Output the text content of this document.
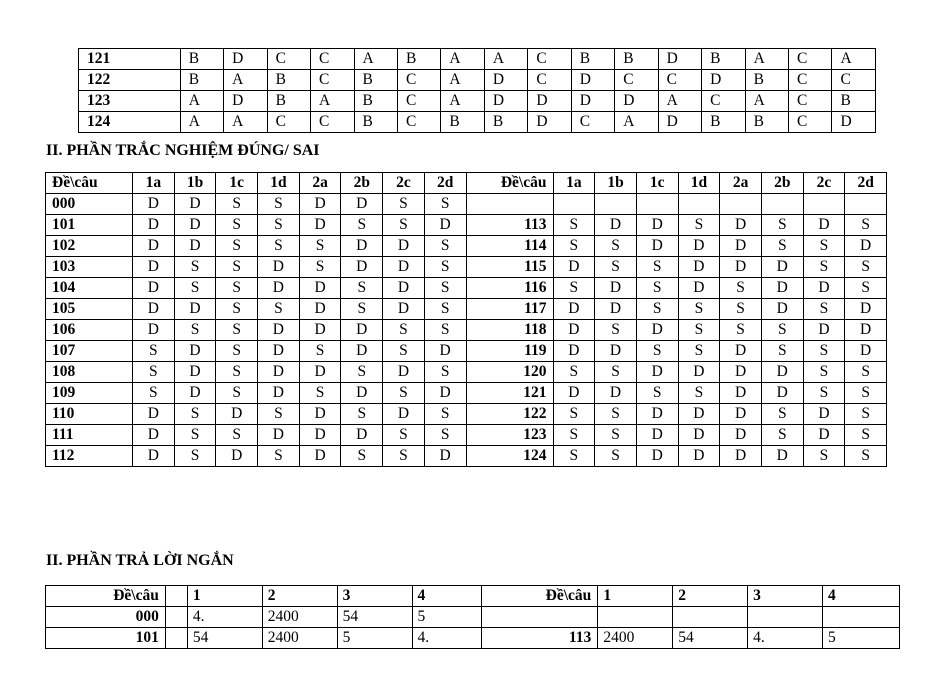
121	B	D	C	C	A	B	A	A	C	B	B	D	B	A	C	A
122	B	A	B	C	B	C	A	D	C	D	C	C	D	B	C	C
123	A	D	B	A	B	C	A	D	D	D	D	A	C	A	C	B
124	A	A	C	C	B	C	B	B	D	C	A	D	B	B	C	D
II. PHẦN TRẮC NGHIỆM ĐÚNG/ SAI
Đề\câu	1a	1b	1c	1d	2a	2b	2c	2d	Đề\câu	1a	1b	1c	1d	2a	2b	2c	2d
000	D	D	S	S	D	D	S	S									
101	D	D	S	S	D	S	S	D	113	S	D	D	S	D	S	D	S
102	D	D	S	S	S	D	D	S	114	S	S	D	D	D	S	S	D
103	D	S	S	D	S	D	D	S	115	D	S	S	D	D	D	S	S
104	D	S	S	D	D	S	D	S	116	S	D	S	D	S	D	D	S
105	D	D	S	S	D	S	D	S	117	D	D	S	S	S	D	S	D
106	D	S	S	D	D	D	S	S	118	D	S	D	S	S	S	D	D
107	S	D	S	D	S	D	S	D	119	D	D	S	S	D	S	S	D
108	S	D	S	D	D	S	D	S	120	S	S	D	D	D	D	S	S
109	S	D	S	D	S	D	S	D	121	D	D	S	S	D	D	S	S
110	D	S	D	S	D	S	D	S	122	S	S	D	D	D	S	D	S
111	D	S	S	D	D	D	S	S	123	S	S	D	D	D	S	D	S
112	D	S	D	S	D	S	S	D	124	S	S	D	D	D	D	S	S
II. PHẦN TRẢ LỜI NGẮN
Đề\câu		1	2	3	4	Đề\câu	1	2	3	4
000		4.	2400	54	5					
101		54	2400	5	4.	113	2400	54	4.	5
